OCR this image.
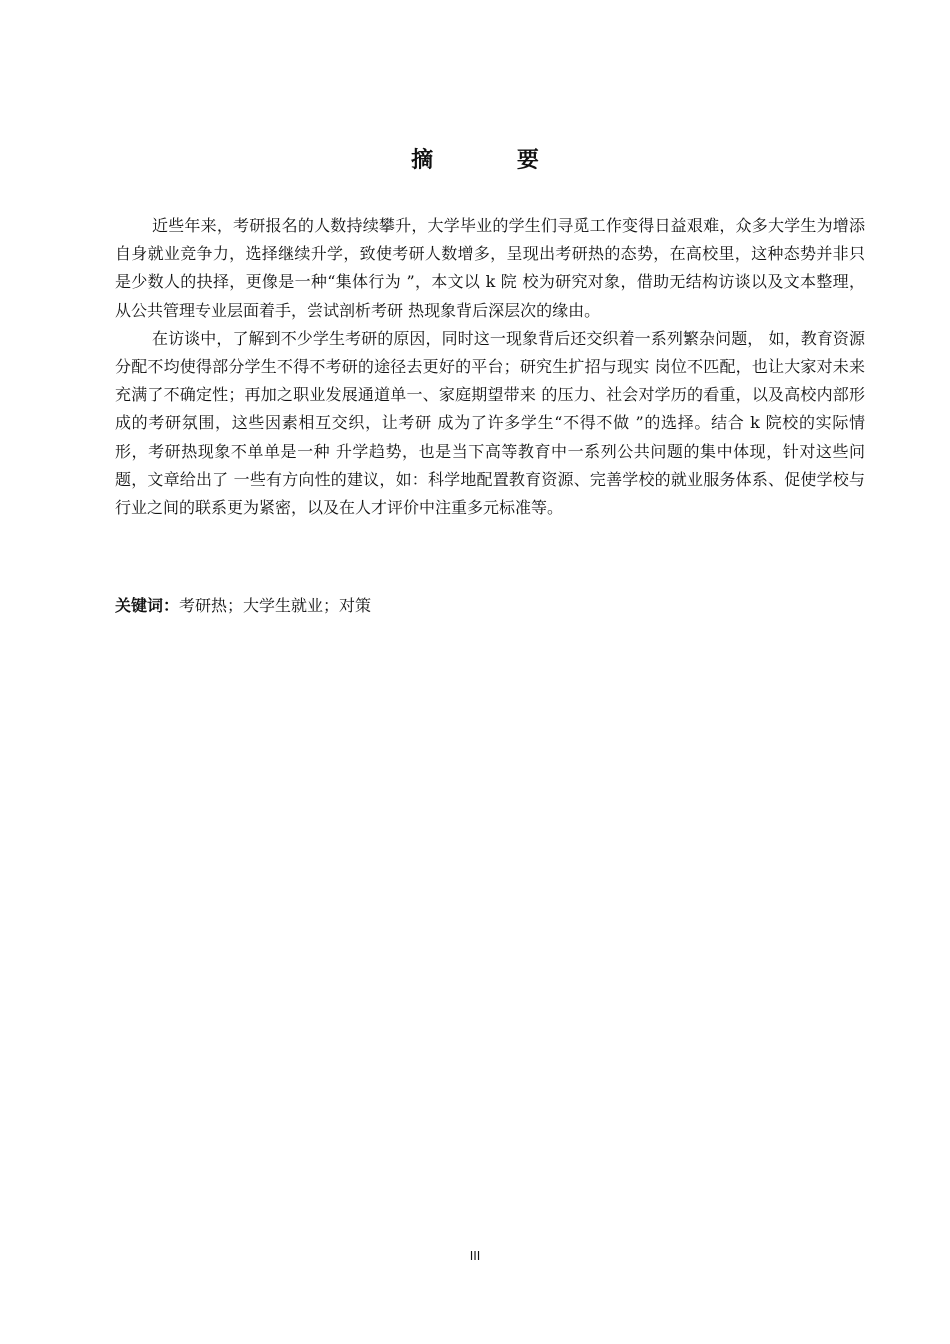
摘 要

近些年来，考研报名的人数持续攀升，大学毕业的学生们寻觅工作变得日益艰难，众多大学生为增添自身就业竞争力，选择继续升学，致使考研人数增多，呈现出考研热的态势，在高校里，这种态势并非只是少数人的抉择，更像是一种“集体行为 ”，本文以 k 院 校为研究对象，借助无结构访谈以及文本整理，从公共管理专业层面着手，尝试剖析考研 热现象背后深层次的缘由。

在访谈中，了解到不少学生考研的原因，同时这一现象背后还交织着一系列繁杂问题， 如，教育资源分配不均使得部分学生不得不考研的途径去更好的平台；研究生扩招与现实 岗位不匹配，也让大家对未来充满了不确定性；再加之职业发展通道单一、家庭期望带来 的压力、社会对学历的看重，以及高校内部形成的考研氛围，这些因素相互交织，让考研 成为了许多学生“不得不做 ”的选择。结合 k 院校的实际情形，考研热现象不单单是一种 升学趋势，也是当下高等教育中一系列公共问题的集中体现，针对这些问题，文章给出了 一些有方向性的建议，如：科学地配置教育资源、完善学校的就业服务体系、促使学校与 行业之间的联系更为紧密，以及在人才评价中注重多元标准等。

关键词：考研热；大学生就业；对策
III
